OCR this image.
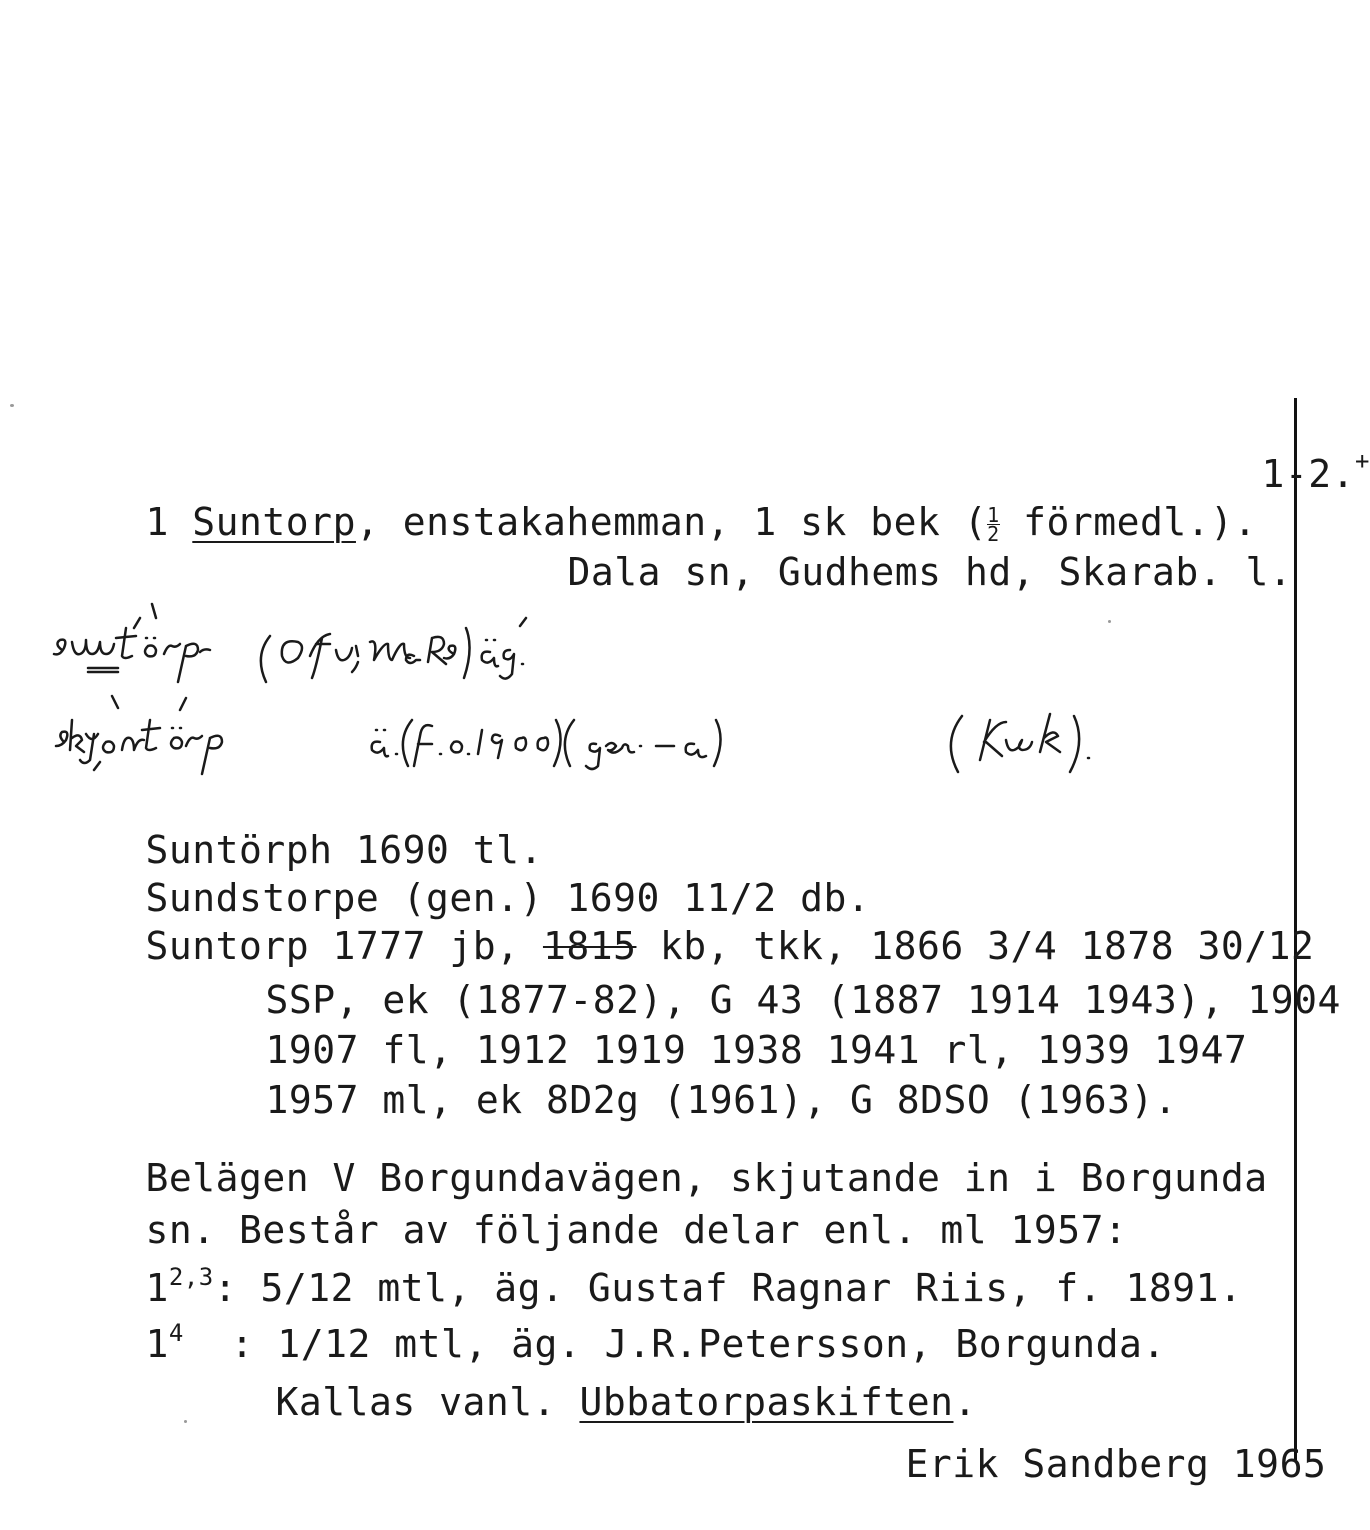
1-2.+

1 Suntorp, enstakahemman, 1 sk bek ( $\frac{1}{2}$ förmedl.).

Dala sn, Gudhems hd, Skarab. l.

Suntörph 1690 tl.

Sundstorpe (gen.) 1690 11/2 db.

Suntorp 1777 jb, 1815 kb, tkk, 1866 3/4 1878 30/12

SSP, ek (1877-82), G 43 (1887 1914 1943), 1904

1907 fl, 1912 1919 1938 1941 rl, 1939 1947

1957 ml, ek 8D2g (1961), G 8DSO (1963).

Belägen V Borgundavägen, skjutande in i Borgunda

sn. Består av följande delar enl. ml 1957:

1$^{2,3}$: 5/12 mtl, äg. Gustaf Ragnar Riis, f. 1891.

$1^4$  : 1/12 mtl, äg. J.R.Petersson, Borgunda.

Kallas vanl. Ubbatorpaskiften.

Erik Sandberg 1965
